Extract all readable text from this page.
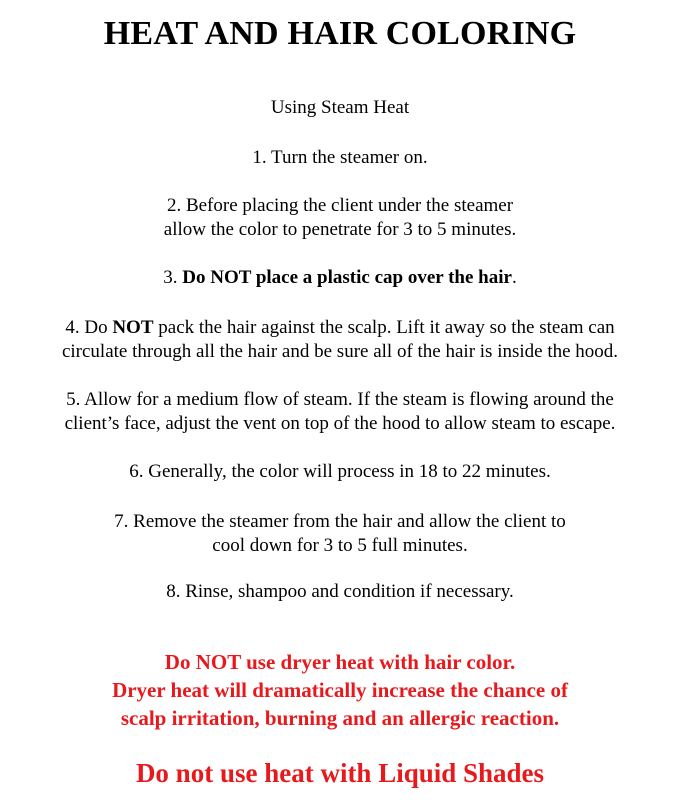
HEAT AND HAIR COLORING
Using Steam Heat
1. Turn the steamer on.
2. Before placing the client under the steamer
allow the color to penetrate for 3 to 5 minutes.
3. Do NOT place a plastic cap over the hair.
4. Do NOT pack the hair against the scalp. Lift it away so the steam can
circulate through all the hair and be sure all of the hair is inside the hood.
5. Allow for a medium flow of steam. If the steam is flowing around the
client’s face, adjust the vent on top of the hood to allow steam to escape.
6. Generally, the color will process in 18 to 22 minutes.
7. Remove the steamer from the hair and allow the client to
cool down for 3 to 5 full minutes.
8. Rinse, shampoo and condition if necessary.
Do NOT use dryer heat with hair color.
Dryer heat will dramatically increase the chance of
scalp irritation, burning and an allergic reaction.
Do not use heat with Liquid Shades
